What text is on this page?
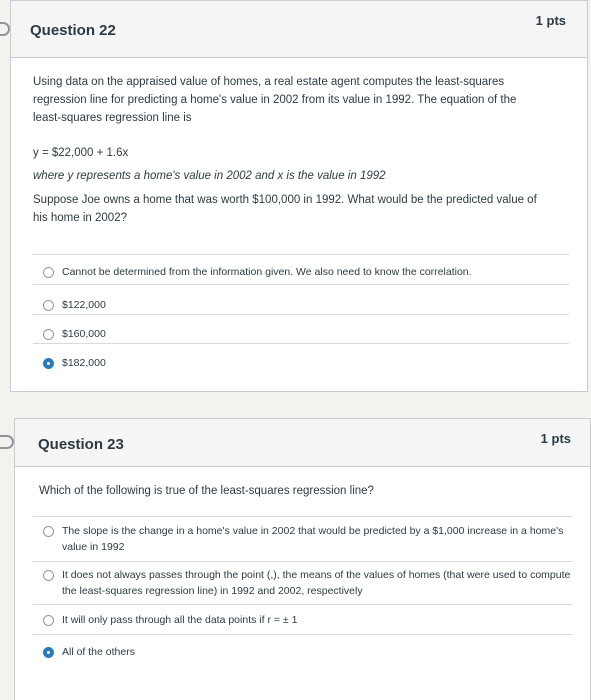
Question 22
1 pts
Using data on the appraised value of homes, a real estate agent computes the least-squares
regression line for predicting a home's value in 2002 from its value in 1992. The equation of the
least-squares regression line is
y = $22,000 + 1.6x
where y represents a home's value in 2002 and x is the value in 1992
Suppose Joe owns a home that was worth $100,000 in 1992. What would be the predicted value of
his home in 2002?
Cannot be determined from the information given. We also need to know the correlation.
$122,000
$160,000
$182,000
Question 23	1 pts
Which of the following is true of the least-squares regression line?
The slope is the change in a home's value in 2002 that would be predicted by a $1,000 increase in a home's
value in 1992
It does not always passes through the point (,), the means of the values of homes (that were used to compute
the least-squares regression line) in 1992 and 2002, respectively
It will only pass through all the data points if r = ± 1
All of the others
